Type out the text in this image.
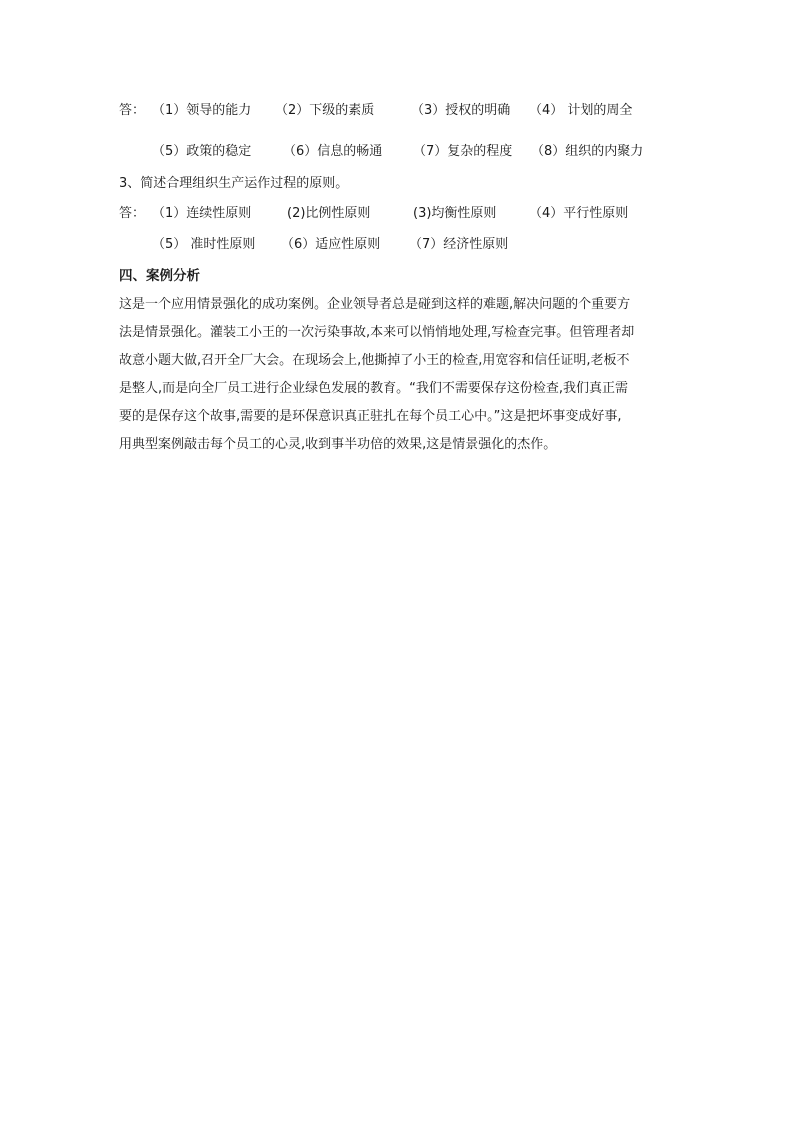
答： （1）领导的能力 （2）下级的素质	（3）授权的明确 （4） 计划的周全
（5）政策的稳定 （6）信息的畅通 （7）复杂的程度 （8）组织的内聚力
3、简述合理组织生产运作过程的原则。
答： （1）连续性原则	(2)比例性原则	(3)均衡性原则	（4）平行性原则
（5） 准时性原则 （6）适应性原则 （7）经济性原则
四、案例分析
这是一个应用情景强化的成功案例。企业领导者总是碰到这样的难题,解决问题的个重要方
法是情景强化。灌装工小王的一次污染事故,本来可以悄悄地处理,写检查完事。但管理者却
故意小题大做,召开全厂大会。在现场会上,他撕掉了小王的检查,用宽容和信任证明,老板不
是整人,而是向全厂员工进行企业绿色发展的教育。“我们不需要保存这份检查,我们真正需
要的是保存这个故事,需要的是环保意识真正驻扎在每个员工心中。”这是把坏事变成好事,
用典型案例敲击每个员工的心灵,收到事半功倍的效果,这是情景强化的杰作。
